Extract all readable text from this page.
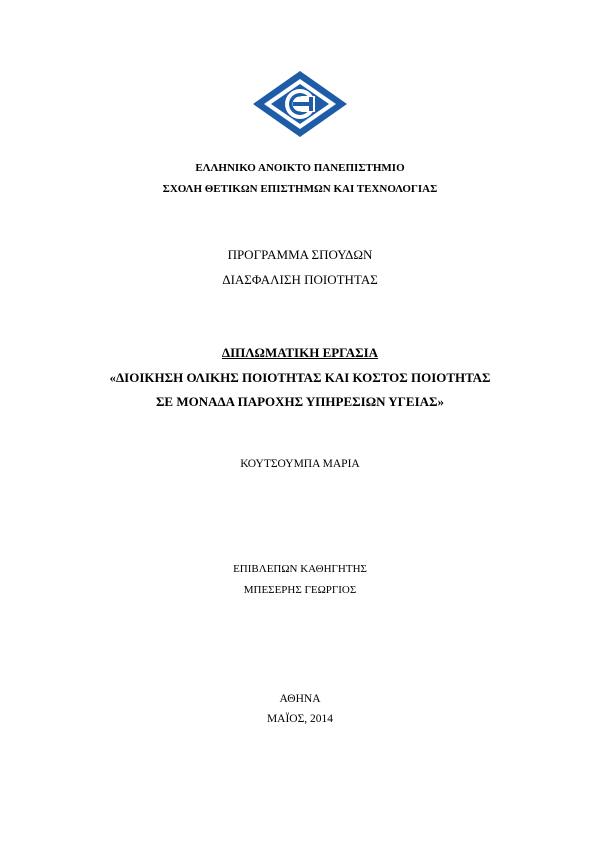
ΕΛΛΗΝΙΚΟ ΑΝΟΙΚΤΟ ΠΑΝΕΠΙΣΤΗΜΙΟ
ΣΧΟΛΗ ΘΕΤΙΚΩΝ ΕΠΙΣΤΗΜΩΝ ΚΑΙ ΤΕΧΝΟΛΟΓΙΑΣ
ΠΡΟΓΡΑΜΜΑ ΣΠΟΥΔΩΝ
ΔΙΑΣΦΑΛΙΣΗ ΠΟΙΟΤΗΤΑΣ
ΔΙΠΛΩΜΑΤΙΚΗ ΕΡΓΑΣΙΑ
«ΔΙΟΙΚΗΣΗ ΟΛΙΚΗΣ ΠΟΙΟΤΗΤΑΣ ΚΑΙ ΚΟΣΤΟΣ ΠΟΙΟΤΗΤΑΣ
ΣΕ ΜΟΝΑΔΑ ΠΑΡΟΧΗΣ ΥΠΗΡΕΣΙΩΝ ΥΓΕΙΑΣ»
ΚΟΥΤΣΟΥΜΠΑ ΜΑΡΙΑ
ΕΠΙΒΛΕΠΩΝ ΚΑΘΗΓΗΤΗΣ
ΜΠΕΣΕΡΗΣ ΓΕΩΡΓΙΟΣ
ΑΘΗΝΑ
ΜΑΪΟΣ, 2014
